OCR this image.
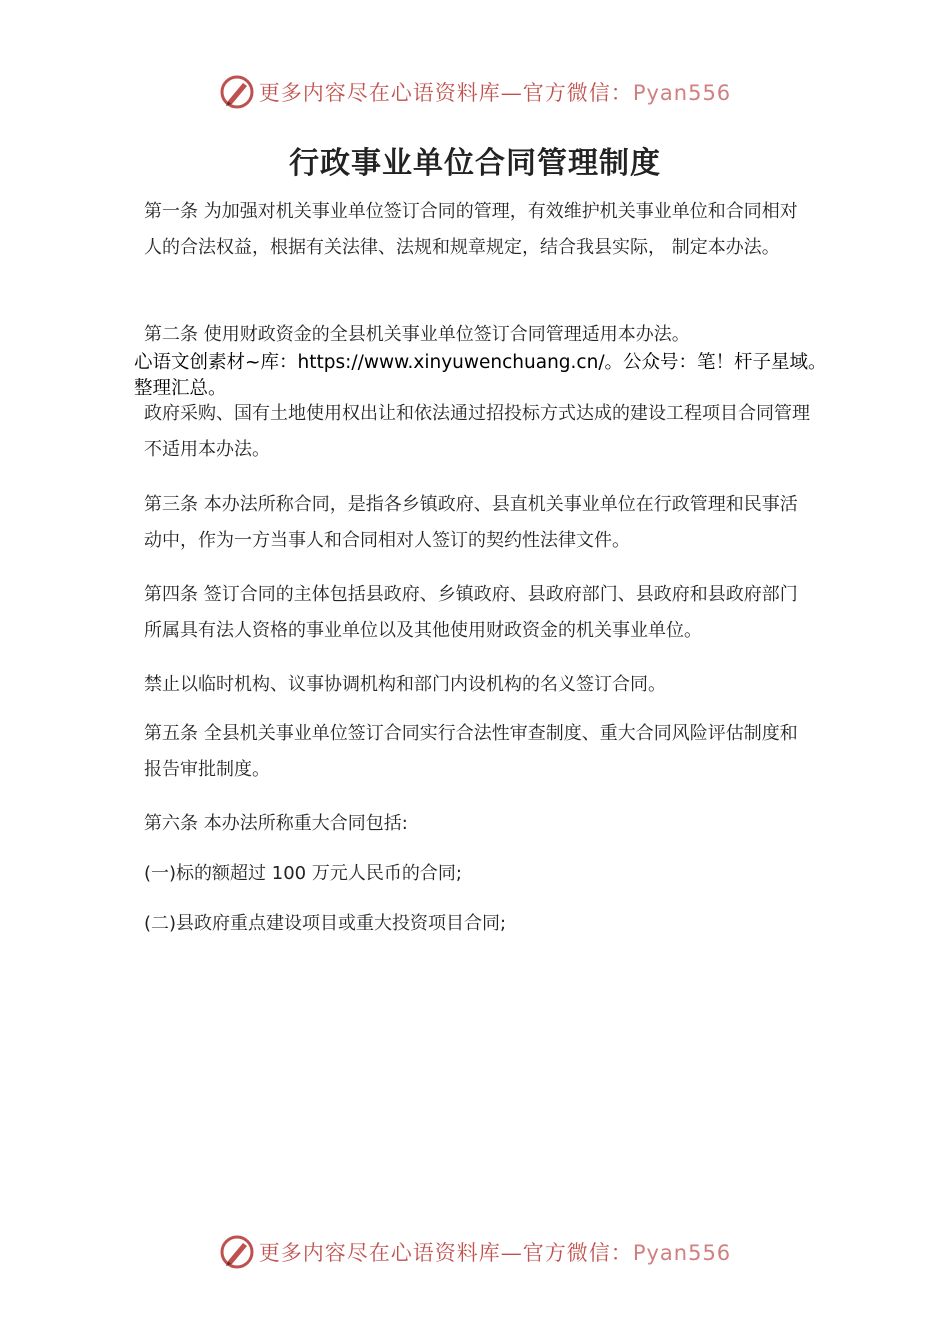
更多内容尽在心语资料库—官方微信：Pyan556
行政事业单位合同管理制度

第一条 为加强对机关事业单位签订合同的管理，有效维护机关事业单位和合同相对人的合法权益，根据有关法律、法规和规章规定，结合我县实际， 制定本办法。

第二条 使用财政资金的全县机关事业单位签订合同管理适用本办法。

政府采购、国有土地使用权出让和依法通过招投标方式达成的建设工程项目合同管理不适用本办法。

第三条 本办法所称合同，是指各乡镇政府、县直机关事业单位在行政管理和民事活动中，作为一方当事人和合同相对人签订的契约性法律文件。

第四条 签订合同的主体包括县政府、乡镇政府、县政府部门、县政府和县政府部门所属具有法人资格的事业单位以及其他使用财政资金的机关事业单位。

禁止以临时机构、议事协调机构和部门内设机构的名义签订合同。

第五条 全县机关事业单位签订合同实行合法性审查制度、重大合同风险评估制度和报告审批制度。

第六条 本办法所称重大合同包括:

(一)标的额超过 100 万元人民币的合同;

(二)县政府重点建设项目或重大投资项目合同;

心语文创素材~库：https://www.xinyuwenchuang.cn/。公众号：笔！杆子星域。整理汇总。

更多内容尽在心语资料库—官方微信：Pyan556
